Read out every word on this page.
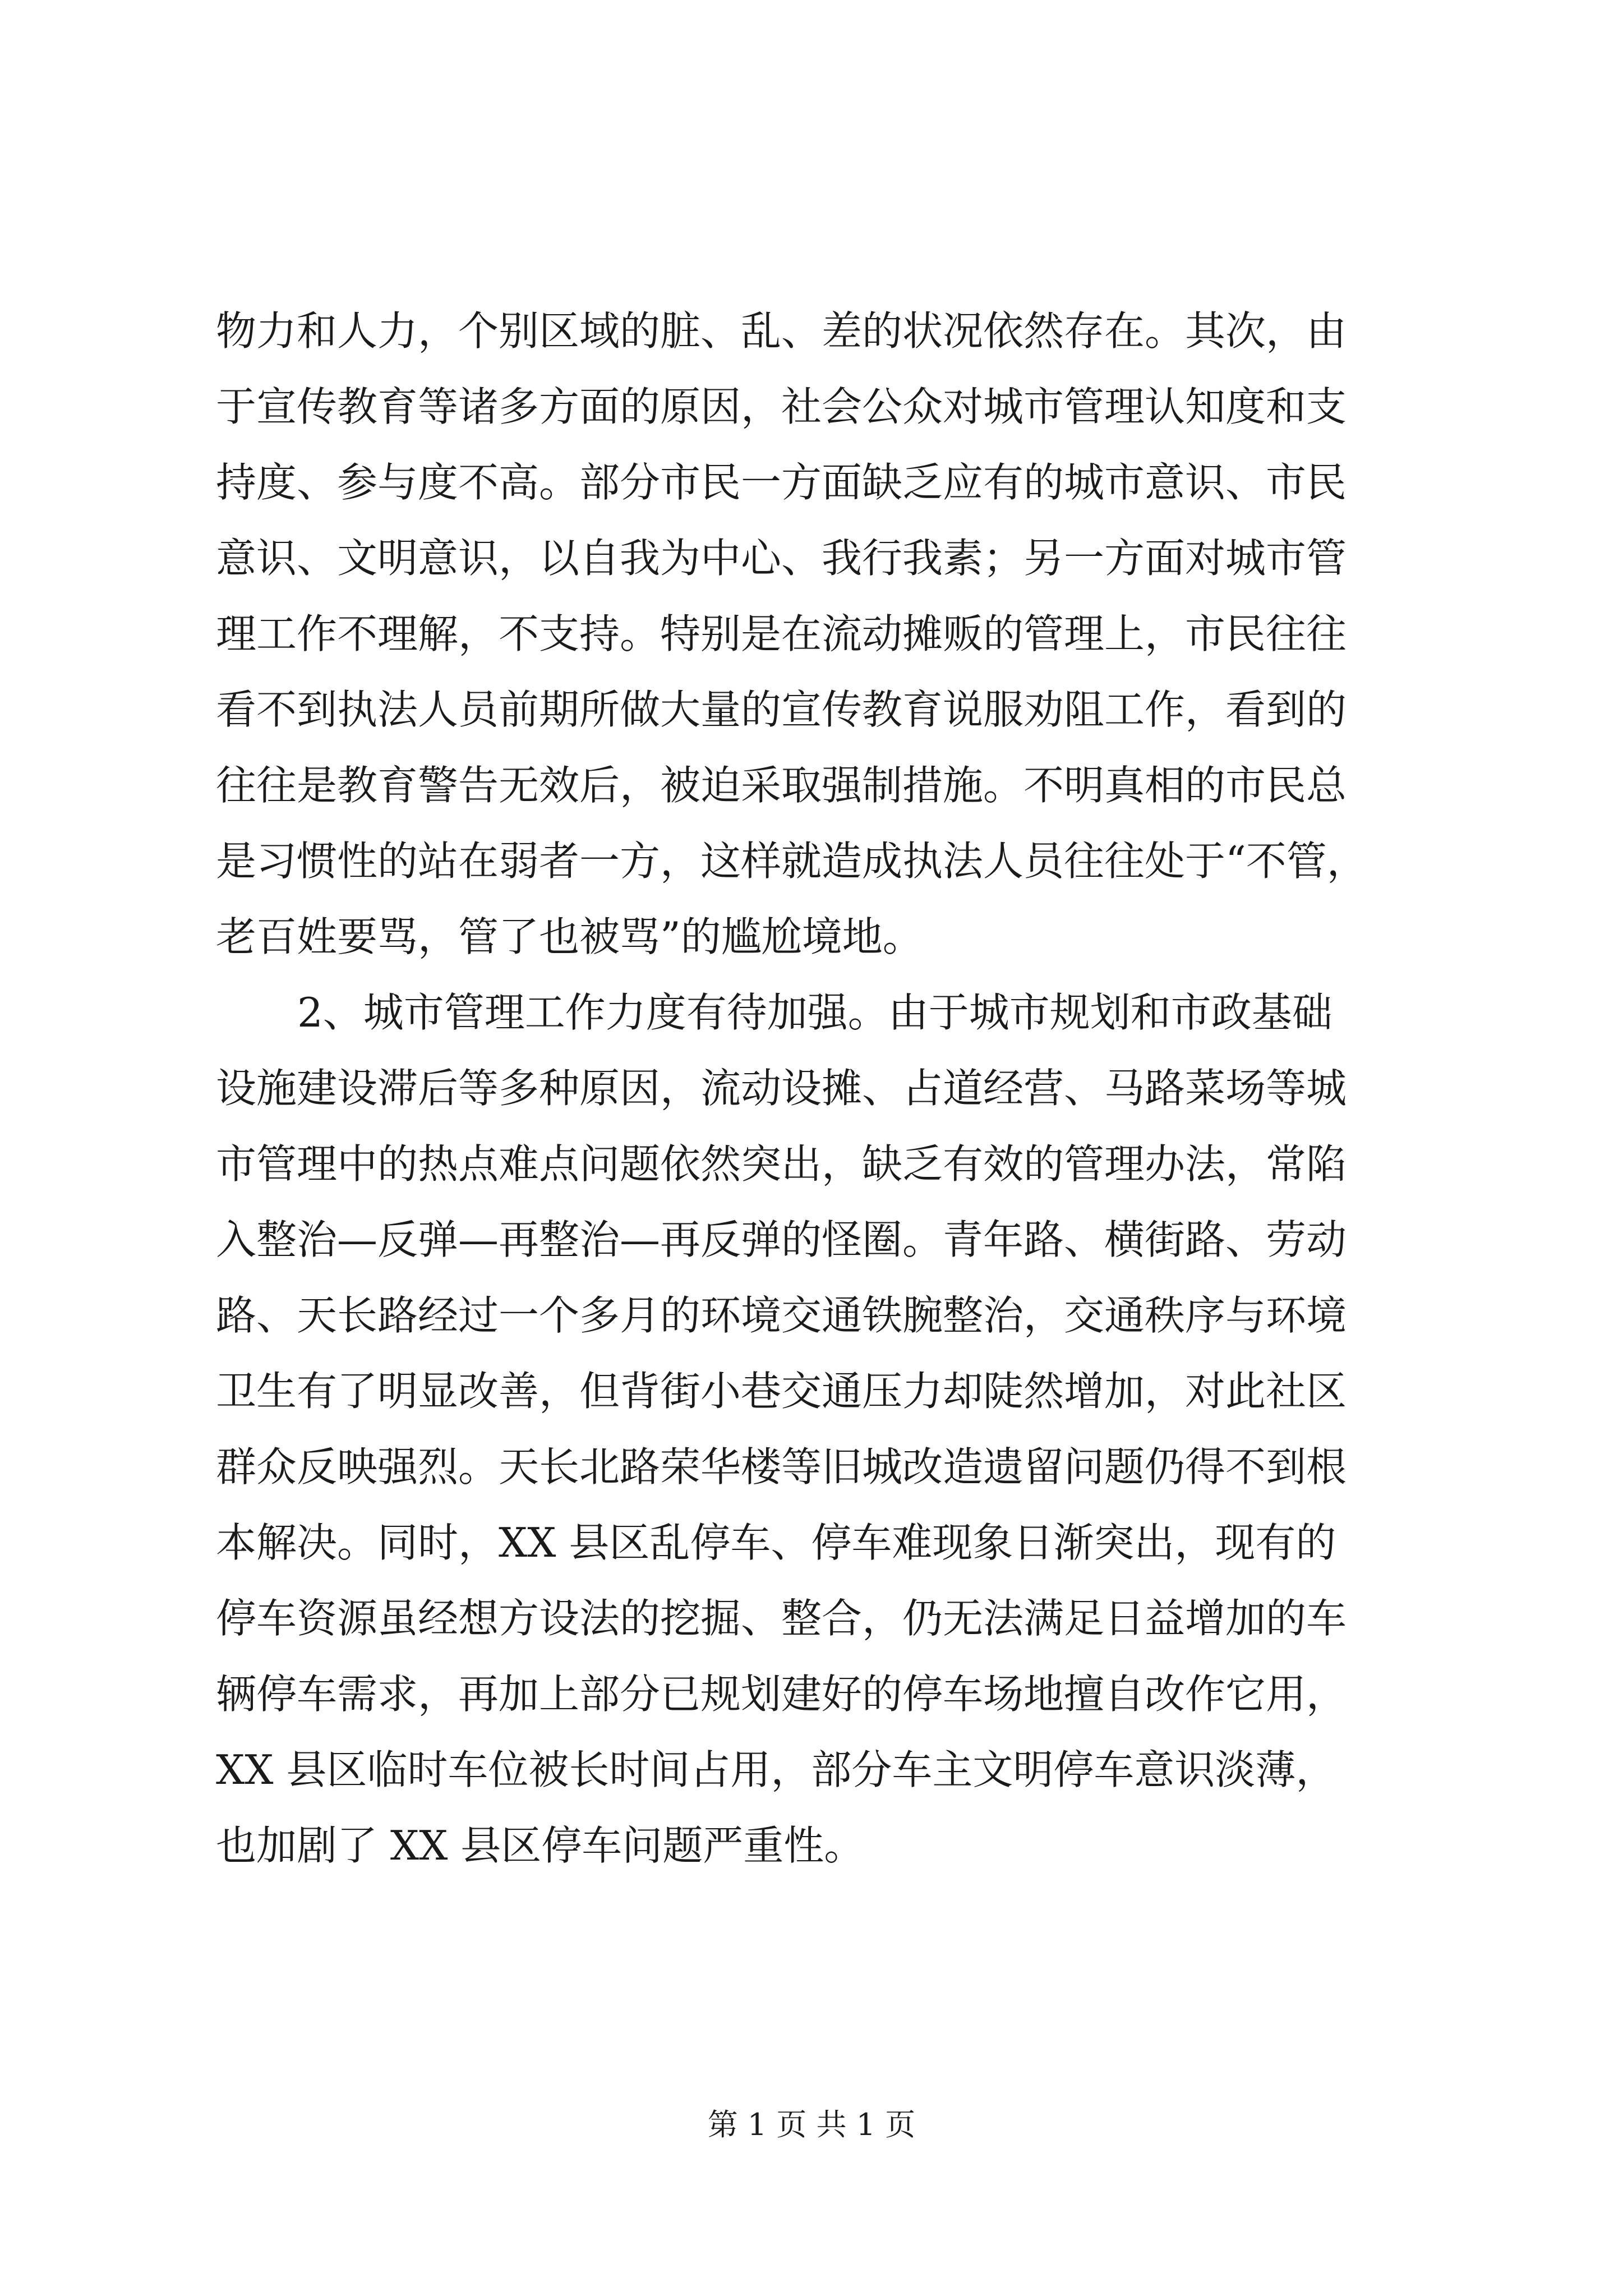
物力和人力，个别区域的脏、乱、差的状况依然存在。其次，由
于宣传教育等诸多方面的原因，社会公众对城市管理认知度和支
持度、参与度不高。部分市民一方面缺乏应有的城市意识、市民
意识、文明意识，以自我为中心、我行我素；另一方面对城市管
理工作不理解，不支持。特别是在流动摊贩的管理上，市民往往
看不到执法人员前期所做大量的宣传教育说服劝阻工作，看到的
往往是教育警告无效后，被迫采取强制措施。不明真相的市民总
是习惯性的站在弱者一方，这样就造成执法人员往往处于“不管，
老百姓要骂，管了也被骂”的尴尬境地。
2、城市管理工作力度有待加强。由于城市规划和市政基础
设施建设滞后等多种原因，流动设摊、占道经营、马路菜场等城
市管理中的热点难点问题依然突出，缺乏有效的管理办法，常陷
入整治—反弹—再整治—再反弹的怪圈。青年路、横街路、劳动
路、天长路经过一个多月的环境交通铁腕整治，交通秩序与环境
卫生有了明显改善，但背街小巷交通压力却陡然增加，对此社区
群众反映强烈。天长北路荣华楼等旧城改造遗留问题仍得不到根
本解决。同时，XX 县区乱停车、停车难现象日渐突出，现有的
停车资源虽经想方设法的挖掘、整合，仍无法满足日益增加的车
辆停车需求，再加上部分已规划建好的停车场地擅自改作它用，
XX 县区临时车位被长时间占用，部分车主文明停车意识淡薄，
也加剧了 XX 县区停车问题严重性。
第 1 页 共 1 页
